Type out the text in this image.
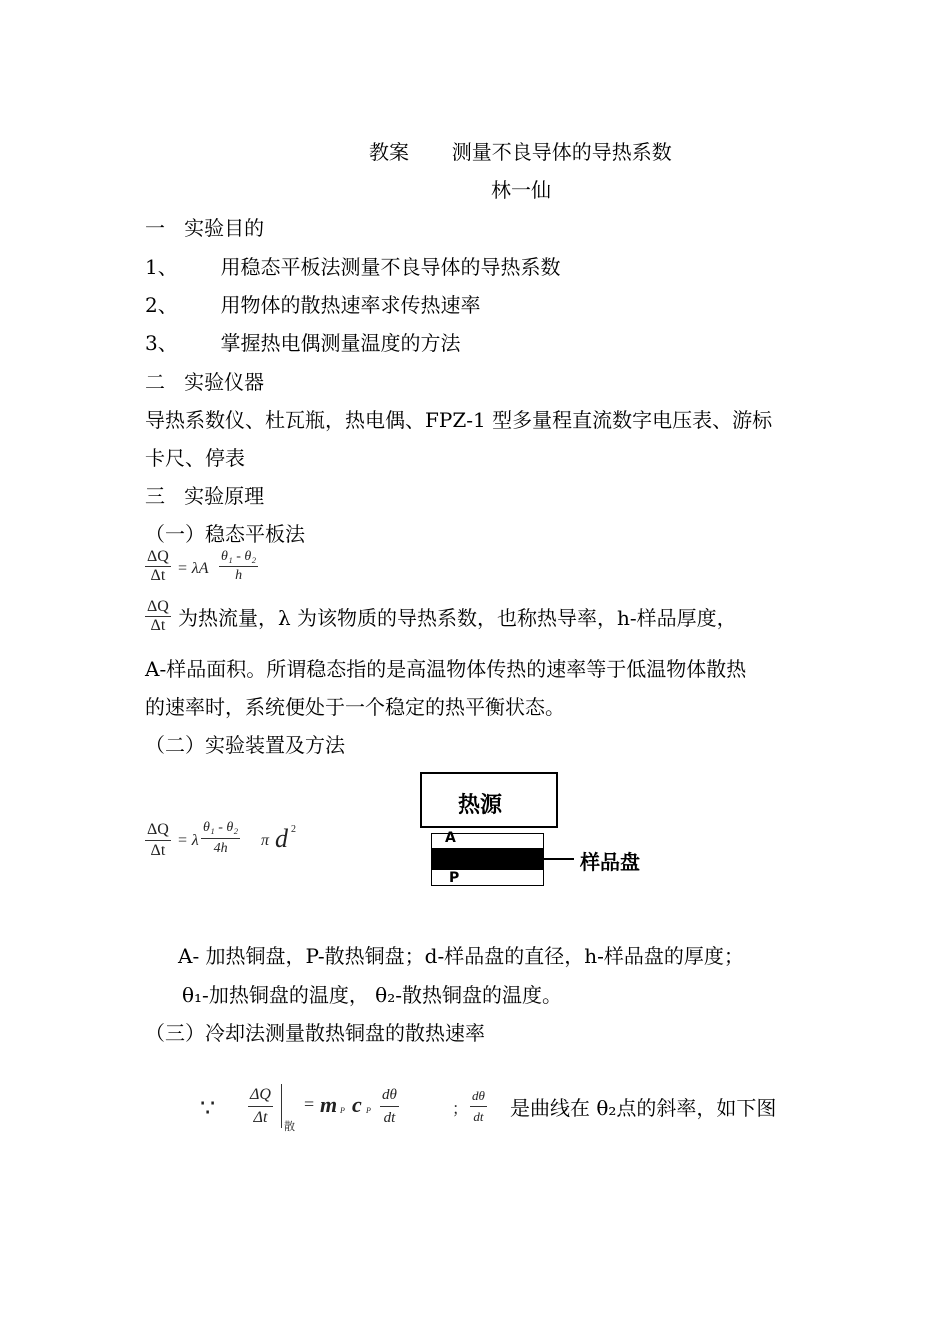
教案 测量不良导体的导热系数
林一仙
一   实验目的
1、 用稳态平板法测量不良导体的导热系数
2、 用物体的散热速率求传热速率
3、 掌握热电偶测量温度的方法
二   实验仪器
导热系数仪、杜瓦瓶，热电偶、FPZ-1 型多量程直流数字电压表、游标
卡尺、停表
三   实验原理
（一）稳态平板法
$\frac{\Delta Q}{\Delta t} = \lambda A \frac{\text{θ₁ - θ₂}}{h}$
$\frac{\Delta Q}{\Delta t}$ 为热流量，λ 为该物质的导热系数，也称热导率，h-样品厚度，
A-样品面积。所谓稳态指的是高温物体传热的速率等于低温物体散热
的速率时，系统便处于一个稳定的热平衡状态。
（二）实验装置及方法
$\frac{\Delta Q}{\Delta t} = \lambda \frac{\text{θ₁ - θ₂}}{4h}$ π d 2
热源
A
P
样品盘
A- 加热铜盘，P-散热铜盘；d-样品盘的直径，h-样品盘的厚度；
θ₁-加热铜盘的温度， θ₂-散热铜盘的温度。
（三）冷却法测量散热铜盘的散热速率
∵ $\frac{\Delta Q}{\Delta t}$ 散
= m P c P $\frac{d\theta}{dt}$	； $\frac{d\theta}{dt}$ 是曲线在 θ₂点的斜率，如下图
